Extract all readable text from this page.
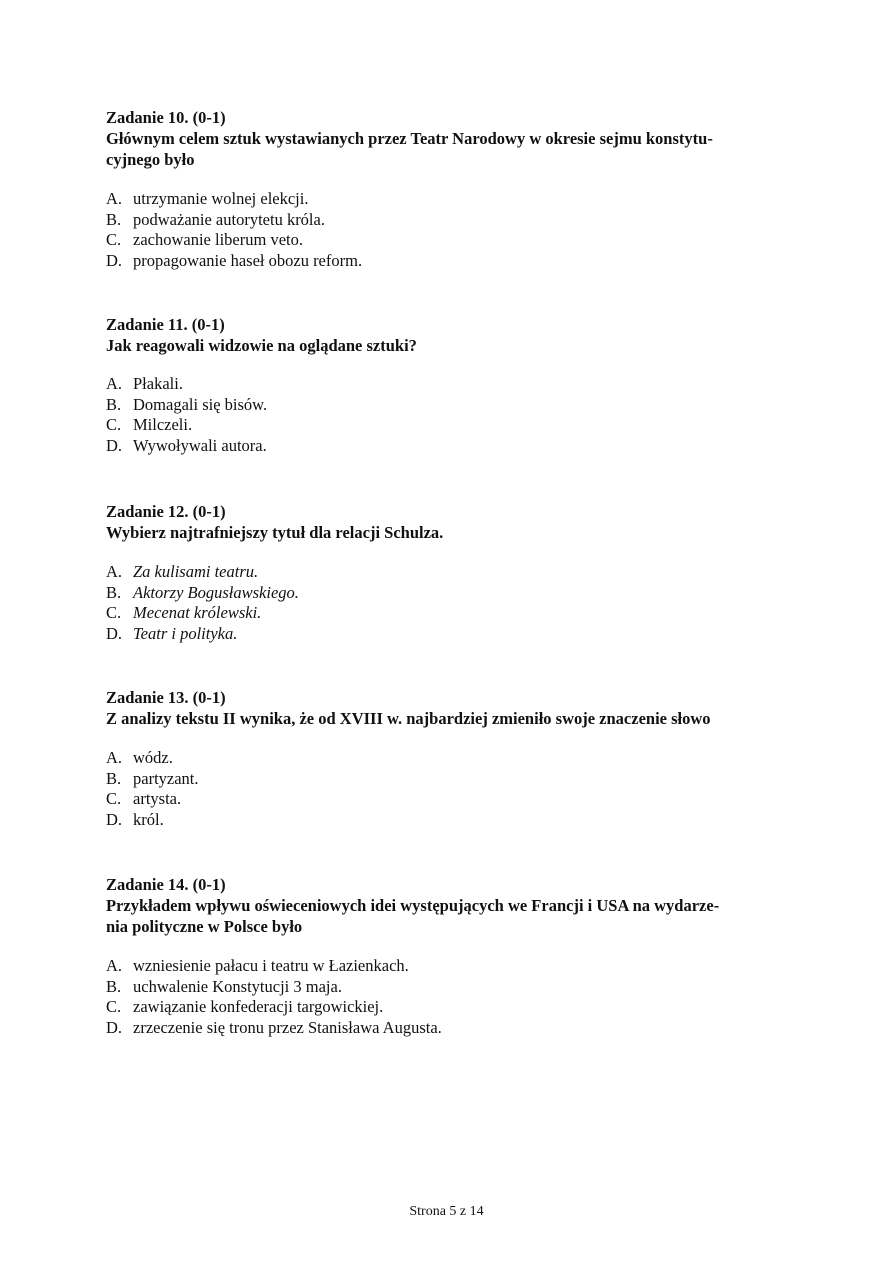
Zadanie 10. (0-1)

Głównym celem sztuk wystawianych przez Teatr Narodowy w okresie sejmu konstytu-
cyjnego było

A. utrzymanie wolnej elekcji.
B. podważanie autorytetu króla.
C. zachowanie liberum veto.
D. propagowanie haseł obozu reform.

Zadanie 11. (0-1)

Jak reagowali widzowie na oglądane sztuki?

A. Płakali.
B. Domagali się bisów.
C. Milczeli.
D. Wywoływali autora.

Zadanie 12. (0-1)

Wybierz najtrafniejszy tytuł dla relacji Schulza.

A. Za kulisami teatru.
B. Aktorzy Bogusławskiego.
C. Mecenat królewski.
D. Teatr i polityka.

Zadanie 13. (0-1)

Z analizy tekstu II wynika, że od XVIII w. najbardziej zmieniło swoje znaczenie słowo

A. wódz.
B. partyzant.
C. artysta.
D. król.

Zadanie 14. (0-1)

Przykładem wpływu oświeceniowych idei występujących we Francji i USA na wydarze-
nia polityczne w Polsce było

A. wzniesienie pałacu i teatru w Łazienkach.
B. uchwalenie Konstytucji 3 maja.
C. zawiązanie konfederacji targowickiej.
D. zrzeczenie się tronu przez Stanisława Augusta.
Strona 5 z 14
